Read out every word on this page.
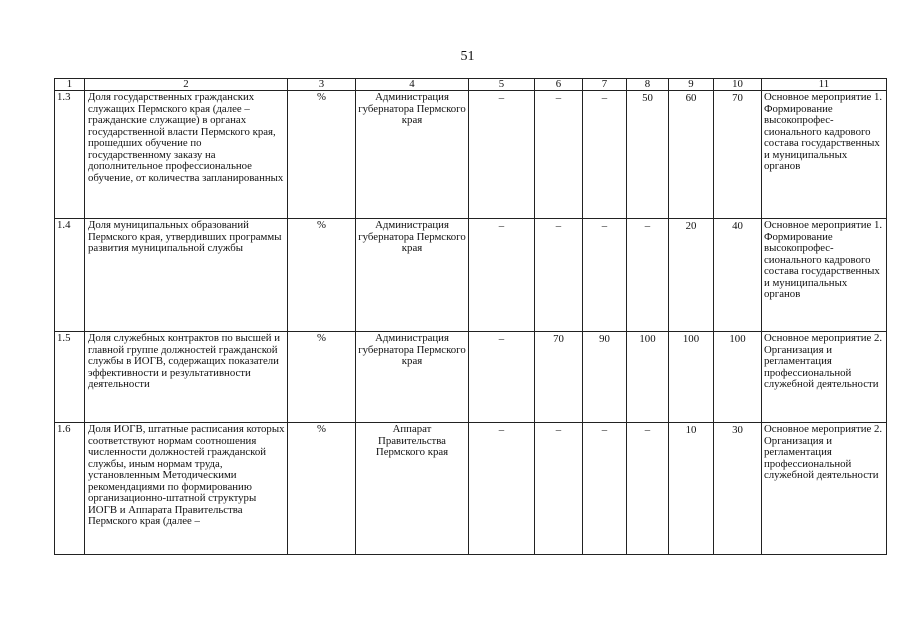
51
1	2	3	4	5	6	7	8	9	10	11
1.3	Доля государственных гражданских служащих Пермского края (далее – гражданские служащие) в органах государственной власти Пермского края, прошедших обучение по государственному заказу на дополнительное профессиональное обучение, от количества запланированных	%	Администрация губернатора Пермского края	–	–	–	50	60	70	Основное мероприятие 1. Формирование высокопрофес-сионального кадрового состава государственных и муниципальных органов
1.4	Доля муниципальных образований Пермского края, утвердивших программы развития муниципальной службы	%	Администрация губернатора Пермского края	–	–	–	–	20	40	Основное мероприятие 1. Формирование высокопрофес-сионального кадрового состава государственных и муниципальных органов
1.5	Доля служебных контрактов по высшей и главной группе должностей гражданской службы в ИОГВ, содержащих показатели эффективности и результативности деятельности	%	Администрация губернатора Пермского края	–	70	90	100	100	100	Основное мероприятие 2. Организация и регламентация профессиональной служебной деятельности
1.6	Доля ИОГВ, штатные расписания которых соответствуют нормам соотношения численности должностей гражданской службы, иным нормам труда, установленным Методическими рекомендациями по формированию организационно-штатной структуры ИОГВ и Аппарата Правительства Пермского края (далее –	%	Аппарат Правительства Пермского края	–	–	–	–	10	30	Основное мероприятие 2. Организация и регламентация профессиональной служебной деятельности
